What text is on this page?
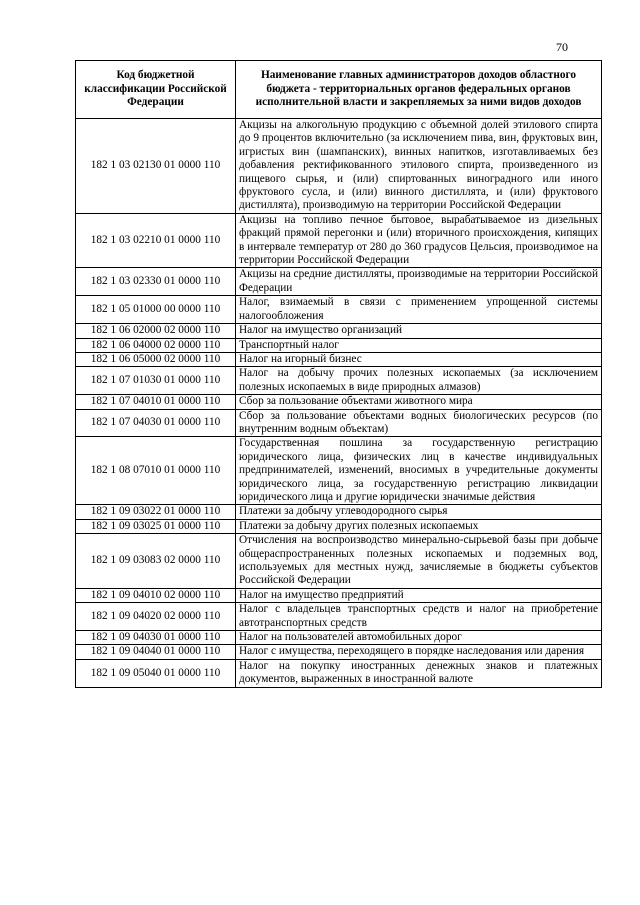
70
Код бюджетной классификации Российской Федерации	Наименование главных администраторов доходов областного бюджета - территориальных органов федеральных органов исполнительной власти и закрепляемых за ними видов доходов
182 1 03 02130 01 0000 110	Акцизы на алкогольную продукцию с объемной долей этилового спирта до 9 процентов включительно (за исключением пива, вин, фруктовых вин, игристых вин (шампанских), винных напитков, изготавливаемых без добавления ректификованного этилового спирта, произведенного из пищевого сырья, и (или) спиртованных виноградного или иного фруктового сусла, и (или) винного дистиллята, и (или) фруктового дистиллята), производимую на территории Российской Федерации
182 1 03 02210 01 0000 110	Акцизы на топливо печное бытовое, вырабатываемое из дизельных фракций прямой перегонки и (или) вторичного происхождения, кипящих в интервале температур от 280 до 360 градусов Цельсия, производимое на территории Российской Федерации
182 1 03 02330 01 0000 110	Акцизы на средние дистилляты, производимые на территории Российской Федерации
182 1 05 01000 00 0000 110	Налог, взимаемый в связи с применением упрощенной системы налогообложения
182 1 06 02000 02 0000 110	Налог на имущество организаций
182 1 06 04000 02 0000 110	Транспортный налог
182 1 06 05000 02 0000 110	Налог на игорный бизнес
182 1 07 01030 01 0000 110	Налог на добычу прочих полезных ископаемых (за исключением полезных ископаемых в виде природных алмазов)
182 1 07 04010 01 0000 110	Сбор за пользование объектами животного мира
182 1 07 04030 01 0000 110	Сбор за пользование объектами водных биологических ресурсов (по внутренним водным объектам)
182 1 08 07010 01 0000 110	Государственная пошлина за государственную регистрацию юридического лица, физических лиц в качестве индивидуальных предпринимателей, изменений, вносимых в учредительные документы юридического лица, за государственную регистрацию ликвидации юридического лица и другие юридически значимые действия
182 1 09 03022 01 0000 110	Платежи за добычу углеводородного сырья
182 1 09 03025 01 0000 110	Платежи за добычу других полезных ископаемых
182 1 09 03083 02 0000 110	Отчисления на воспроизводство минерально-сырьевой базы при добыче общераспространенных полезных ископаемых и подземных вод, используемых для местных нужд, зачисляемые в бюджеты субъектов Российской Федерации
182 1 09 04010 02 0000 110	Налог на имущество предприятий
182 1 09 04020 02 0000 110	Налог с владельцев транспортных средств и налог на приобретение автотранспортных средств
182 1 09 04030 01 0000 110	Налог на пользователей автомобильных дорог
182 1 09 04040 01 0000 110	Налог с имущества, переходящего в порядке наследования или дарения
182 1 09 05040 01 0000 110	Налог на покупку иностранных денежных знаков и платежных документов, выраженных в иностранной валюте
